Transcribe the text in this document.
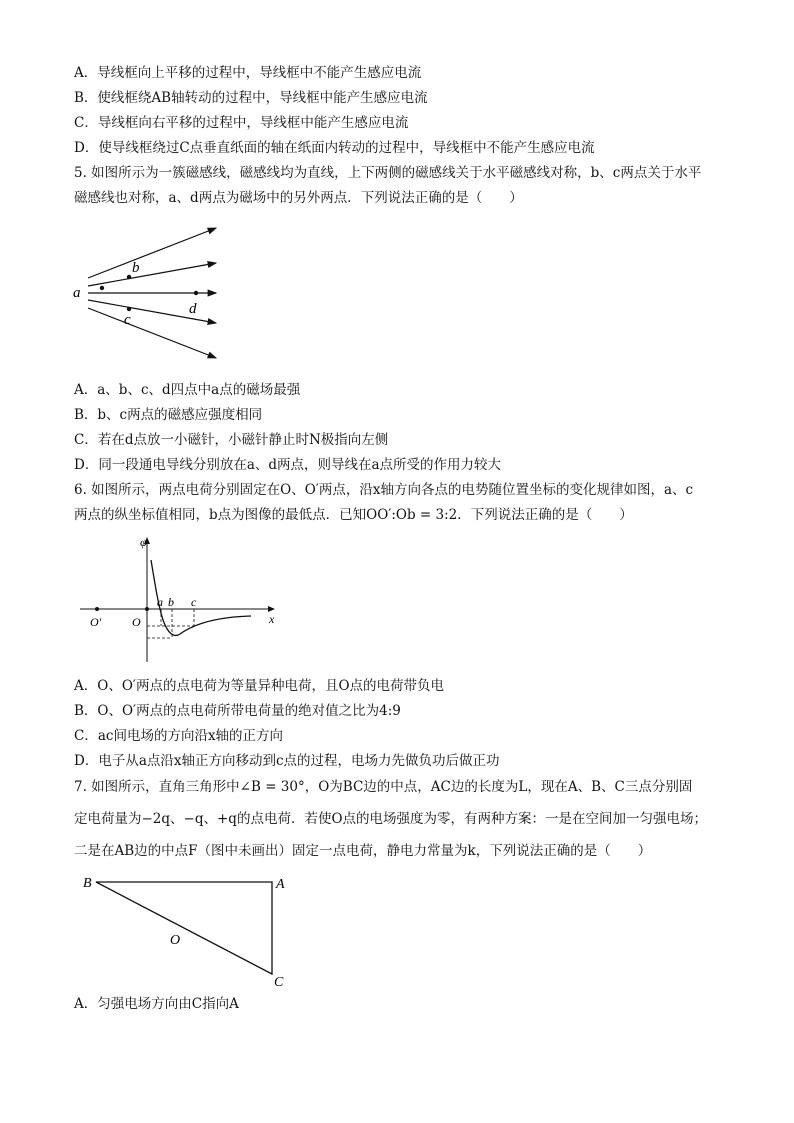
A．导线框向上平移的过程中，导线框中不能产生感应电流
B．使线框绕AB轴转动的过程中，导线框中能产生感应电流
C．导线框向右平移的过程中，导线框中能产生感应电流
D．使导线框绕过C点垂直纸面的轴在纸面内转动的过程中，导线框中不能产生感应电流
5. 如图所示为一簇磁感线，磁感线均为直线，上下两侧的磁感线关于水平磁感线对称，b、c两点关于水平
磁感线也对称，a、d两点为磁场中的另外两点．下列说法正确的是（　　）
a
b
c
d
A．a、b、c、d四点中a点的磁场最强
B．b、c两点的磁感应强度相同
C．若在d点放一小磁针，小磁针静止时N极指向左侧
D．同一段通电导线分别放在a、d两点，则导线在a点所受的作用力较大
6. 如图所示，两点电荷分别固定在O、O′两点，沿x轴方向各点的电势随位置坐标的变化规律如图，a、c
两点的纵坐标值相同，b点为图像的最低点．已知OO′:Ob = 3:2．下列说法正确的是（　　）
φ
x
O′	O
a b c
A．O、O′两点的点电荷为等量异种电荷，且O点的电荷带负电
B．O、O′两点的点电荷所带电荷量的绝对值之比为4:9
C．ac间电场的方向沿x轴的正方向
D．电子从a点沿x轴正方向移动到c点的过程，电场力先做负功后做正功
7. 如图所示，直角三角形中∠B = 30°，O为BC边的中点，AC边的长度为L，现在A、B、C三点分别固
定电荷量为−2q、−q、+q的点电荷．若使O点的电场强度为零，有两种方案：一是在空间加一匀强电场；
二是在AB边的中点F（图中未画出）固定一点电荷，静电力常量为k，下列说法正确的是（　　）
B	A
C
O
A．匀强电场方向由C指向A
